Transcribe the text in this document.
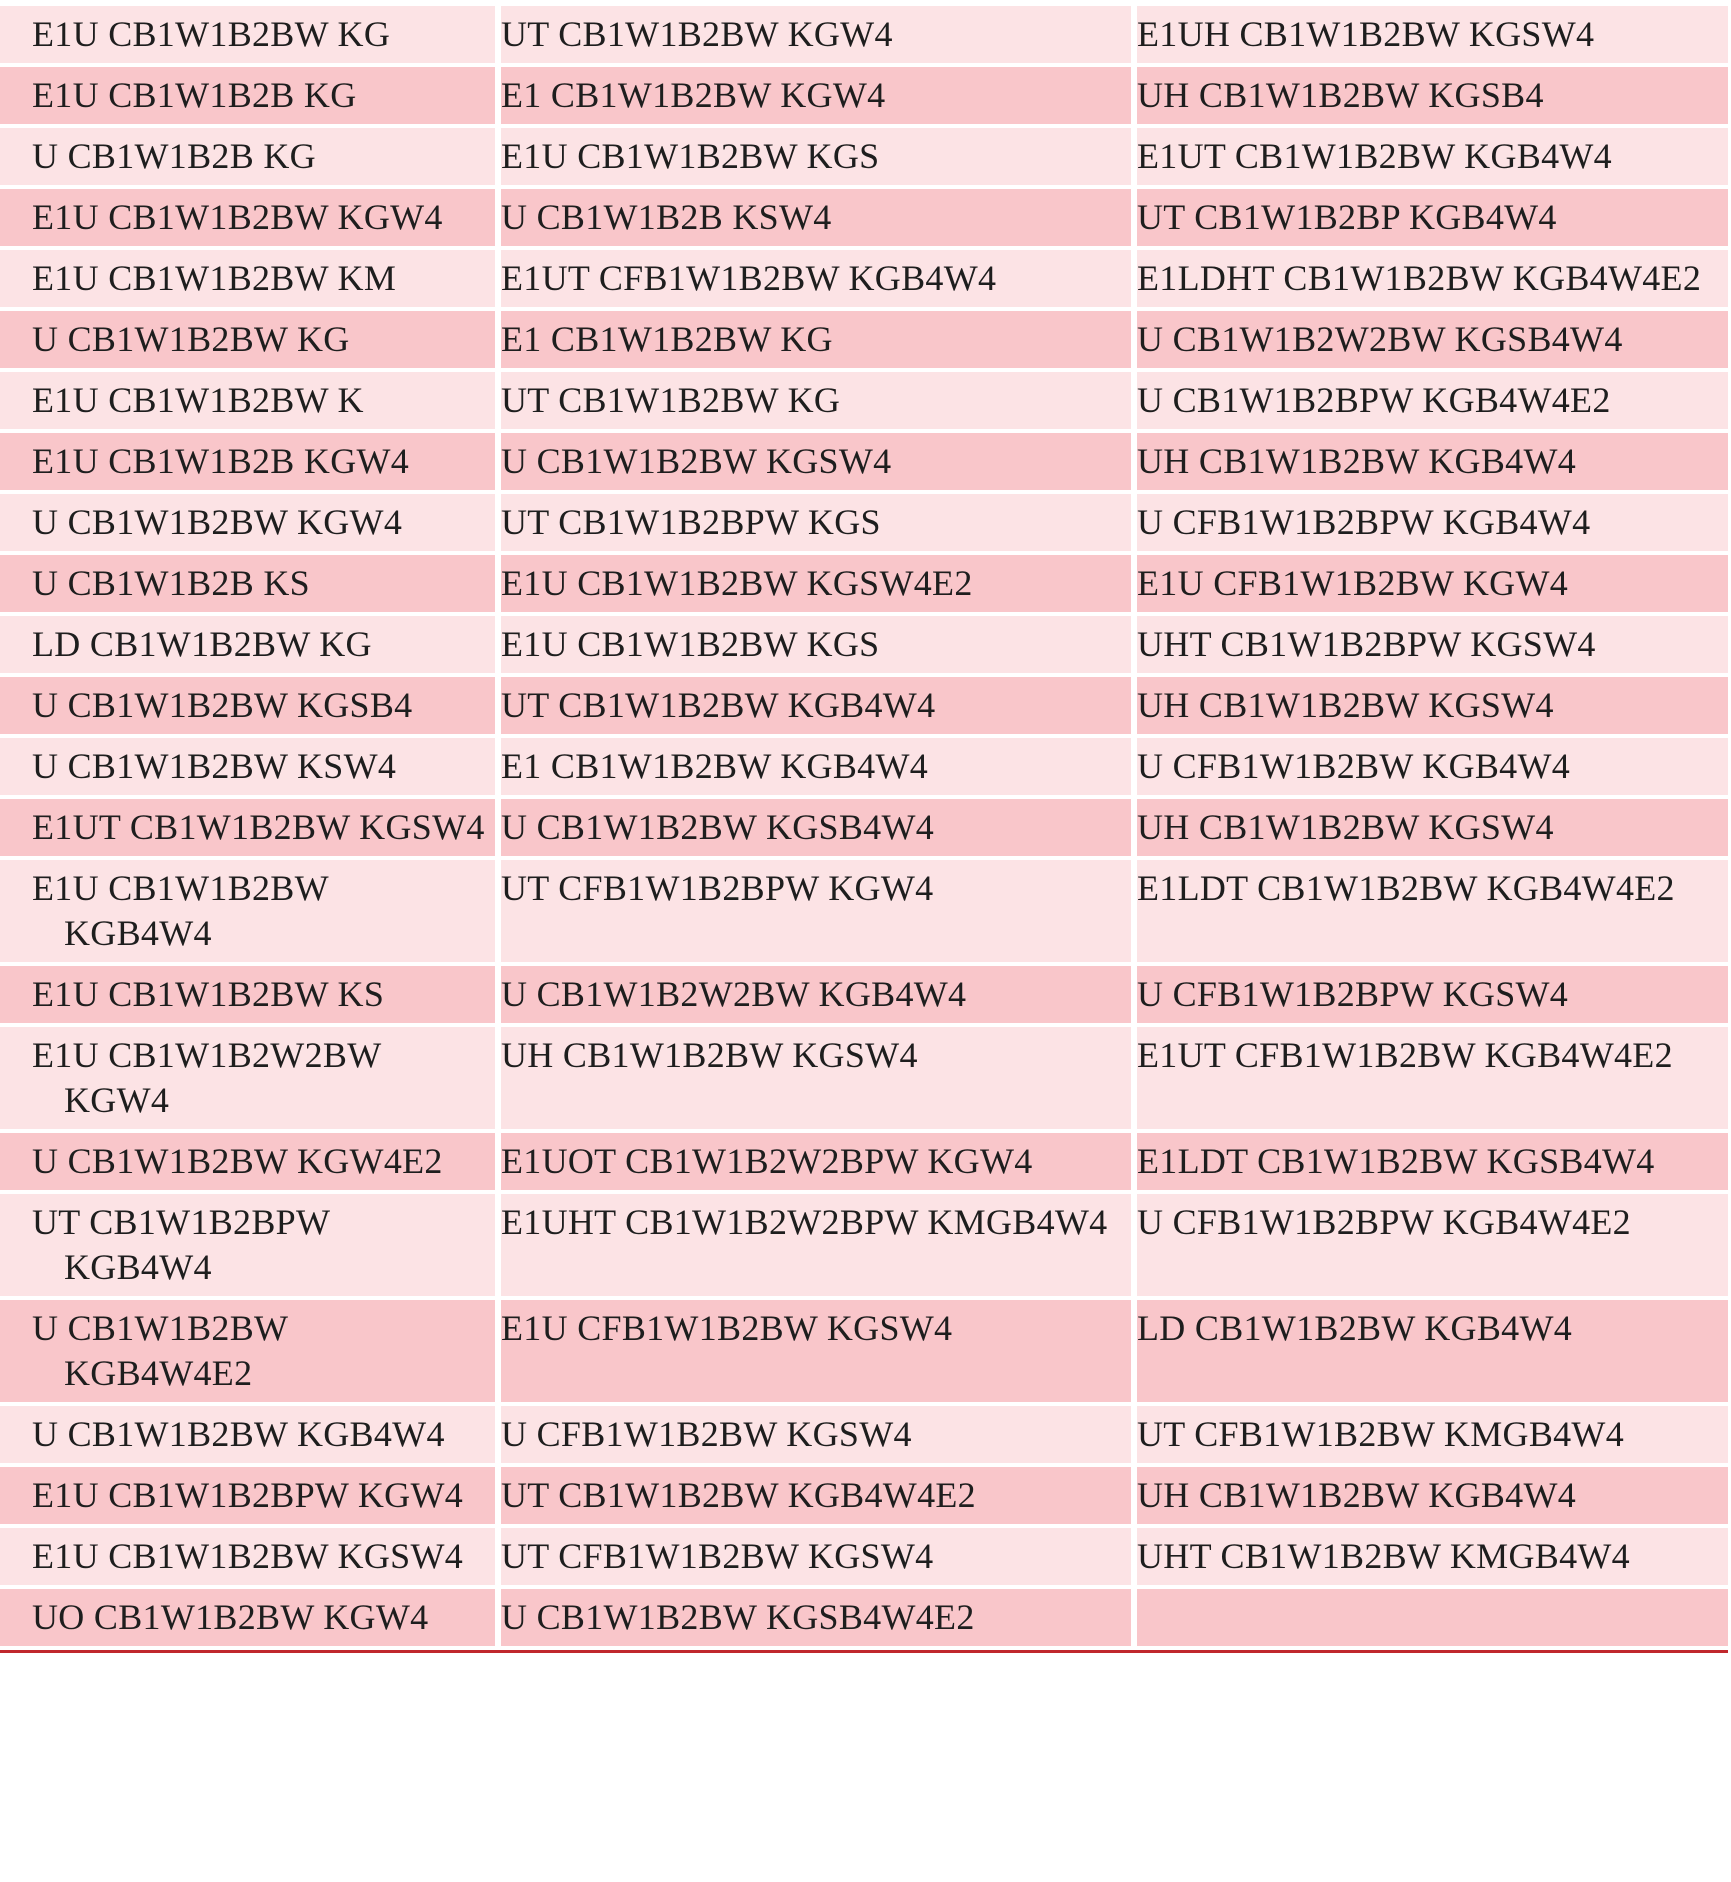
E1U CB1W1B2BW KG	UT CB1W1B2BW KGW4	E1UH CB1W1B2BW KGSW4
E1U CB1W1B2B KG	E1 CB1W1B2BW KGW4	UH CB1W1B2BW KGSB4
U CB1W1B2B KG	E1U CB1W1B2BW KGS	E1UT CB1W1B2BW KGB4W4
E1U CB1W1B2BW KGW4	U CB1W1B2B KSW4	UT CB1W1B2BP KGB4W4
E1U CB1W1B2BW KM	E1UT CFB1W1B2BW KGB4W4	E1LDHT CB1W1B2BW KGB4W4E2
U CB1W1B2BW KG	E1 CB1W1B2BW KG	U CB1W1B2W2BW KGSB4W4
E1U CB1W1B2BW K	UT CB1W1B2BW KG	U CB1W1B2BPW KGB4W4E2
E1U CB1W1B2B KGW4	U CB1W1B2BW KGSW4	UH CB1W1B2BW KGB4W4
U CB1W1B2BW KGW4	UT CB1W1B2BPW KGS	U CFB1W1B2BPW KGB4W4
U CB1W1B2B KS	E1U CB1W1B2BW KGSW4E2	E1U CFB1W1B2BW KGW4
LD CB1W1B2BW KG	E1U CB1W1B2BW KGS	UHT CB1W1B2BPW KGSW4
U CB1W1B2BW KGSB4	UT CB1W1B2BW KGB4W4	UH CB1W1B2BW KGSW4
U CB1W1B2BW KSW4	E1 CB1W1B2BW KGB4W4	U CFB1W1B2BW KGB4W4
E1UT CB1W1B2BW KGSW4	U CB1W1B2BW KGSB4W4	UH CB1W1B2BW KGSW4
E1U CB1W1B2BW KGB4W4	UT CFB1W1B2BPW KGW4	E1LDT CB1W1B2BW KGB4W4E2
E1U CB1W1B2BW KS	U CB1W1B2W2BW KGB4W4	U CFB1W1B2BPW KGSW4
E1U CB1W1B2W2BW KGW4	UH CB1W1B2BW KGSW4	E1UT CFB1W1B2BW KGB4W4E2
U CB1W1B2BW KGW4E2	E1UOT CB1W1B2W2BPW KGW4	E1LDT CB1W1B2BW KGSB4W4
UT CB1W1B2BPW KGB4W4	E1UHT CB1W1B2W2BPW KMGB4W4	U CFB1W1B2BPW KGB4W4E2
U CB1W1B2BW KGB4W4E2	E1U CFB1W1B2BW KGSW4	LD CB1W1B2BW KGB4W4
U CB1W1B2BW KGB4W4	U CFB1W1B2BW KGSW4	UT CFB1W1B2BW KMGB4W4
E1U CB1W1B2BPW KGW4	UT CB1W1B2BW KGB4W4E2	UH CB1W1B2BW KGB4W4
E1U CB1W1B2BW KGSW4	UT CFB1W1B2BW KGSW4	UHT CB1W1B2BW KMGB4W4
UO CB1W1B2BW KGW4	U CB1W1B2BW KGSB4W4E2	
